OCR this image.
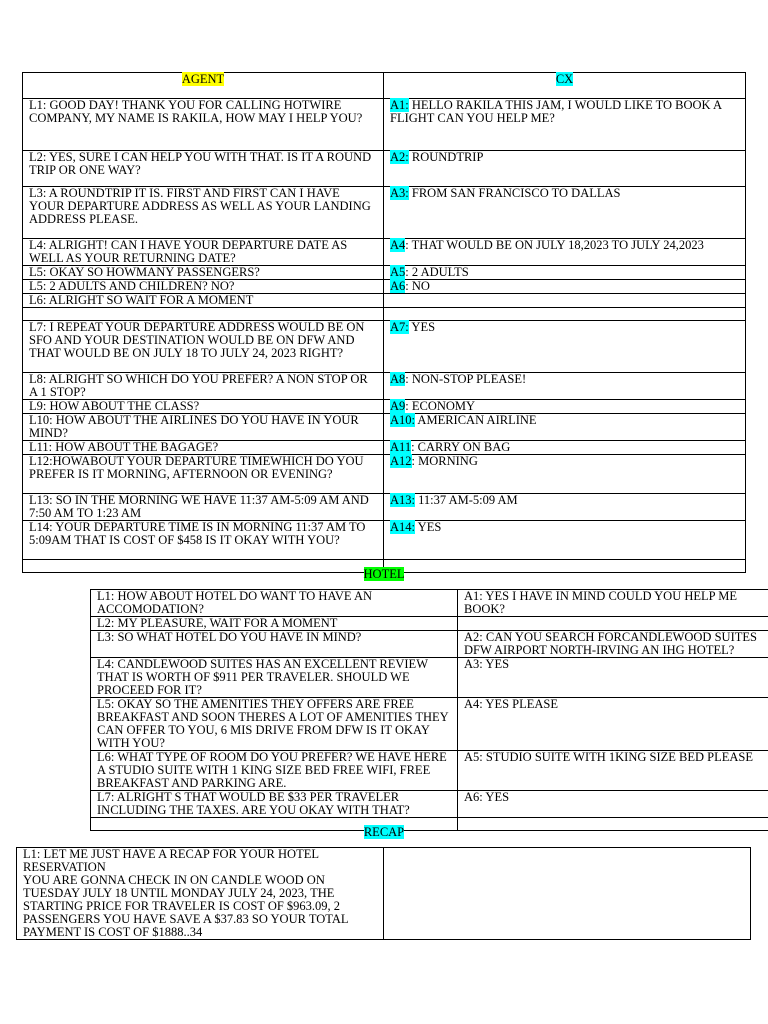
AGENT	CX
L1: GOOD DAY! THANK YOU FOR CALLING HOTWIRE COMPANY, MY NAME IS RAKILA, HOW MAY I HELP YOU?	A1: HELLO RAKILA THIS JAM, I WOULD LIKE TO BOOK A FLIGHT CAN YOU HELP ME?
L2: YES, SURE I CAN HELP YOU WITH THAT. IS IT A ROUND TRIP OR ONE WAY?	A2: ROUNDTRIP
L3: A ROUNDTRIP IT IS. FIRST AND FIRST CAN I HAVE YOUR DEPARTURE ADDRESS AS WELL AS YOUR LANDING ADDRESS PLEASE.	A3: FROM SAN FRANCISCO TO DALLAS
L4: ALRIGHT! CAN I HAVE YOUR DEPARTURE DATE AS WELL AS YOUR RETURNING DATE?	A4: THAT WOULD BE ON JULY 18,2023 TO JULY 24,2023
L5: OKAY SO HOWMANY PASSENGERS?	A5: 2 ADULTS
L5: 2 ADULTS AND CHILDREN? NO?	A6: NO
L6: ALRIGHT SO WAIT FOR A MOMENT	

L7: I REPEAT YOUR DEPARTURE ADDRESS WOULD BE ON SFO AND YOUR DESTINATION WOULD BE ON DFW AND THAT WOULD BE ON JULY 18 TO JULY 24, 2023 RIGHT?	A7: YES
L8: ALRIGHT SO WHICH DO YOU PREFER? A NON STOP OR A 1 STOP?	A8: NON-STOP PLEASE!
L9: HOW ABOUT THE CLASS?	A9: ECONOMY
L10: HOW ABOUT THE AIRLINES DO YOU HAVE IN YOUR MIND?	A10: AMERICAN AIRLINE
L11: HOW ABOUT THE BAGAGE?	A11: CARRY ON BAG
L12:HOWABOUT YOUR DEPARTURE TIMEWHICH DO YOU PREFER IS IT MORNING, AFTERNOON OR EVENING?	A12: MORNING
L13: SO IN THE MORNING WE HAVE 11:37 AM-5:09 AM AND 7:50 AM TO 1:23 AM	A13: 11:37 AM-5:09 AM
L14: YOUR DEPARTURE TIME IS IN MORNING 11:37 AM TO 5:09AM THAT IS COST OF $458 IS IT OKAY WITH YOU?	A14: YES

HOTEL
L1: HOW ABOUT HOTEL DO WANT TO HAVE AN ACCOMODATION?	A1: YES I HAVE IN MIND COULD YOU HELP ME
BOOK?

L2: MY PLEASURE, WAIT FOR A MOMENT	

L3: SO WHAT HOTEL DO YOU HAVE IN MIND?	A2: CAN YOU SEARCH FORCANDLEWOOD SUITES
DFW AIRPORT NORTH-IRVING AN IHG HOTEL?

L4: CANDLEWOOD SUITES HAS AN EXCELLENT REVIEW THAT IS WORTH OF $911 PER TRAVELER. SHOULD WE PROCEED FOR IT?	A3: YES

L5: OKAY SO THE AMENITIES THEY OFFERS ARE FREE BREAKFAST AND SOON THERES A LOT OF AMENITIES THEY CAN OFFER TO YOU, 6 MIS DRIVE FROM DFW IS IT OKAY WITH YOU?	A4: YES PLEASE

L6: WHAT TYPE OF ROOM DO YOU PREFER? WE HAVE HERE A STUDIO SUITE WITH 1 KING SIZE BED FREE WIFI, FREE BREAKFAST AND PARKING ARE.	A5: STUDIO SUITE WITH 1KING SIZE BED PLEASE

L7: ALRIGHT S THAT WOULD BE $33 PER TRAVELER INCLUDING THE TAXES. ARE YOU OKAY WITH THAT?	A6: YES

RECAP
L1: LET ME JUST HAVE A RECAP FOR YOUR HOTEL RESERVATION
YOU ARE GONNA CHECK IN ON CANDLE WOOD ON TUESDAY JULY 18 UNTIL MONDAY JULY 24, 2023, THE STARTING PRICE FOR TRAVELER IS COST OF $963.09, 2 PASSENGERS YOU HAVE SAVE A $37.83 SO YOUR TOTAL PAYMENT IS COST OF $1888..34	
